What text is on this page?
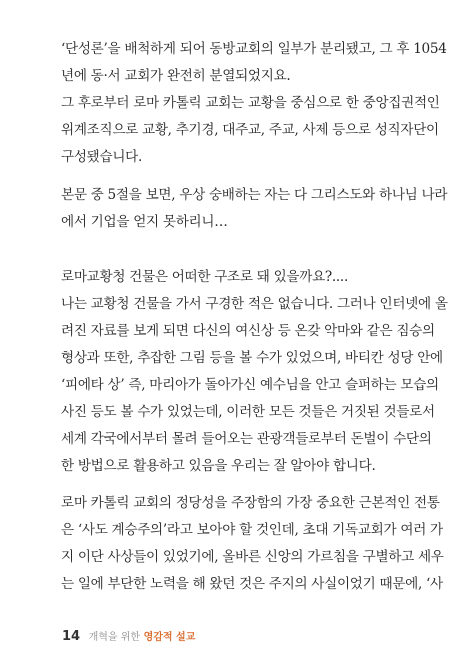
‘단성론’을 배척하게 되어 동방교회의 일부가 분리됐고, 그 후 1054
년에 동·서 교회가 완전히 분열되었지요.
그 후로부터 로마 카톨릭 교회는 교황을 중심으로 한 중앙집권적인
위계조직으로 교황, 추기경, 대주교, 주교, 사제 등으로 성직자단이
구성됐습니다.
본문 중 5절을 보면, 우상 숭배하는 자는 다 그리스도와 하나님 나라
에서 기업을 얻지 못하리니…
로마교황청 건물은 어떠한 구조로 돼 있을까요?....
나는 교황청 건물을 가서 구경한 적은 없습니다. 그러나 인터넷에 올
려진 자료를 보게 되면 다신의 여신상 등 온갖 악마와 같은 짐승의
형상과 또한, 추잡한 그림 등을 볼 수가 있었으며, 바티칸 성당 안에
‘피에타 상’ 즉, 마리아가 돌아가신 예수님을 안고 슬퍼하는 모습의
사진 등도 볼 수가 있었는데, 이러한 모든 것들은 거짓된 것들로서
세계 각국에서부터 몰려 들어오는 관광객들로부터 돈벌이 수단의
한 방법으로 활용하고 있음을 우리는 잘 알아야 합니다.
로마 카톨릭 교회의 정당성을 주장함의 가장 중요한 근본적인 전통
은 ‘사도 계승주의’라고 보아야 할 것인데, 초대 기독교회가 여러 가
지 이단 사상들이 있었기에, 올바른 신앙의 가르침을 구별하고 세우
는 일에 부단한 노력을 해 왔던 것은 주지의 사실이었기 때문에, ‘사
14 개혁을 위한 영감적 설교
